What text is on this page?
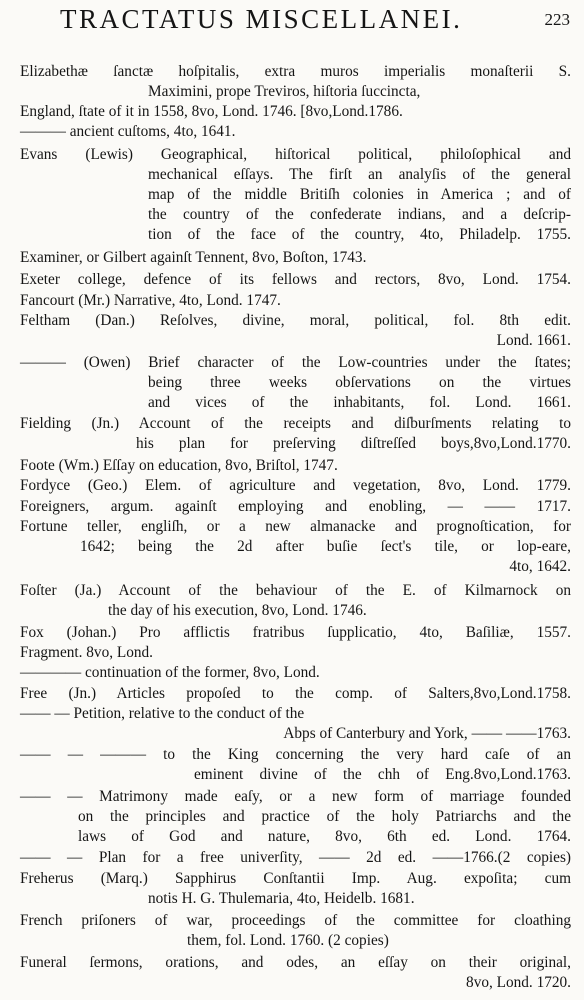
TRACTATUS MISCELLANEI.	223
Elizabethæ ſanctæ hoſpitalis, extra muros imperialis monaſterii S.
Maximini, prope Treviros, hiſtoria ſuccincta,
England, ſtate of it in 1558, 8vo, Lond. 1746. [8vo,Lond.1786.
——— ancient cuſtoms, 4to, 1641.
Evans (Lewis) Geographical, hiſtorical political, philoſophical and
mechanical eſſays. The firſt an analyſis of the general
map of the middle Britiſh colonies in America ; and of
the country of the confederate indians, and a deſcrip-
tion of the face of the country, 4to, Philadelp. 1755.
Examiner, or Gilbert againſt Tennent, 8vo, Boſton, 1743.
Exeter college, defence of its fellows and rectors, 8vo, Lond. 1754.
Fancourt (Mr.) Narrative, 4to, Lond. 1747.
Feltham (Dan.) Reſolves, divine, moral, political, fol. 8th edit.
Lond. 1661.
——— (Owen) Brief character of the Low-countries under the ſtates;
being three weeks obſervations on the virtues
and vices of the inhabitants, fol. Lond. 1661.
Fielding (Jn.) Account of the receipts and diſburſments relating to
his plan for preſerving diſtreſſed boys,8vo,Lond.1770.
Foote (Wm.) Eſſay on education, 8vo, Briſtol, 1747.
Fordyce (Geo.) Elem. of agriculture and vegetation, 8vo, Lond. 1779.
Foreigners, argum. againſt employing and enobling, — —— 1717.
Fortune teller, engliſh, or a new almanacke and prognoſtication, for
1642; being the 2d after buſie ſect's tile, or lop-eare,
4to, 1642.
Foſter (Ja.) Account of the behaviour of the E. of Kilmarnock on
the day of his execution, 8vo, Lond. 1746.
Fox (Johan.) Pro afflictis fratribus ſupplicatio, 4to, Baſiliæ, 1557.
Fragment. 8vo, Lond.
———— continuation of the former, 8vo, Lond.
Free (Jn.) Articles propoſed to the comp. of Salters,8vo,Lond.1758.
—— — Petition, relative to the conduct of the
Abps of Canterbury and York, —— ——1763.
—— — ——— to the King concerning the very hard caſe of an
eminent divine of the chh of Eng.8vo,Lond.1763.
—— — Matrimony made eaſy, or a new form of marriage founded
on the principles and practice of the holy Patriarchs and the
laws of God and nature, 8vo, 6th ed. Lond. 1764.
—— — Plan for a free univerſity, —— 2d ed. ——1766.(2 copies)
Freherus (Marq.) Sapphirus Conſtantii Imp. Aug. expoſita; cum
notis H. G. Thulemaria, 4to, Heidelb. 1681.
French priſoners of war, proceedings of the committee for cloathing
them, fol. Lond. 1760. (2 copies)
Funeral ſermons, orations, and odes, an eſſay on their original,
8vo, Lond. 1720.
